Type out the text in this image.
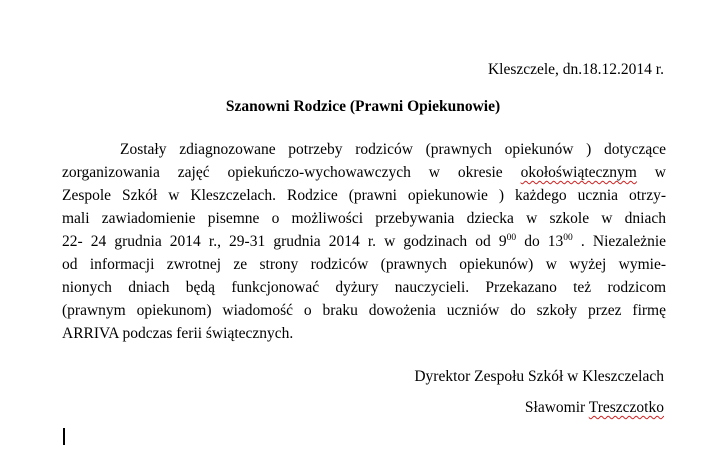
Kleszczele, dn.18.12.2014 r.
Szanowni Rodzice (Prawni Opiekunowie)
Zostały zdiagnozowane potrzeby rodziców (prawnych opiekunów ) dotyczące
zorganizowania zajęć opiekuńczo-wychowawczych w okresie okołoświątecznym w
Zespole Szkół w Kleszczelach. Rodzice (prawni opiekunowie ) każdego ucznia otrzy-
mali zawiadomienie pisemne o możliwości przebywania dziecka w szkole w dniach
22- 24 grudnia 2014 r., 29-31 grudnia 2014 r. w godzinach od $9^{00}$ do $13^{00}$ . Niezależnie
od informacji zwrotnej ze strony rodziców (prawnych opiekunów) w wyżej wymie-
nionych dniach będą funkcjonować dyżury nauczycieli. Przekazano też rodzicom
(prawnym opiekunom) wiadomość o braku dowożenia uczniów do szkoły przez firmę
ARRIVA podczas ferii świątecznych.
Dyrektor Zespołu Szkół w Kleszczelach
Sławomir Treszczotko
